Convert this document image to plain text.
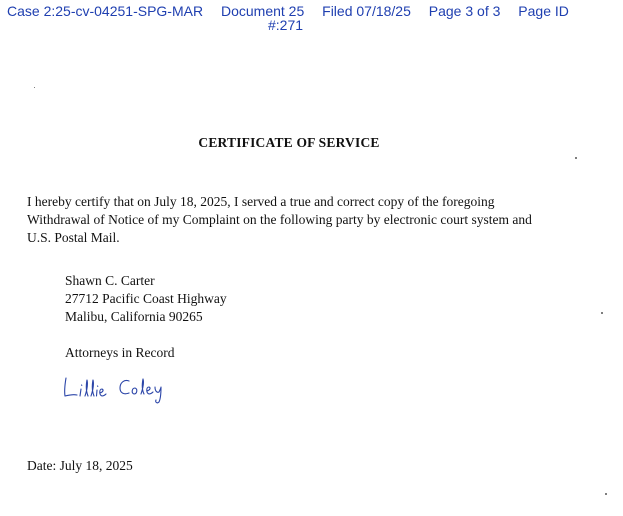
Case 2:25-cv-04251-SPG-MAR Document 25 Filed 07/18/25 Page 3 of 3 Page ID
#:271
CERTIFICATE OF SERVICE
I hereby certify that on July 18, 2025, I served a true and correct copy of the foregoing
Withdrawal of Notice of my Complaint on the following party by electronic court system and
U.S. Postal Mail.
Shawn C. Carter
27712 Pacific Coast Highway
Malibu, California 90265
Attorneys in Record
Date: July 18, 2025
